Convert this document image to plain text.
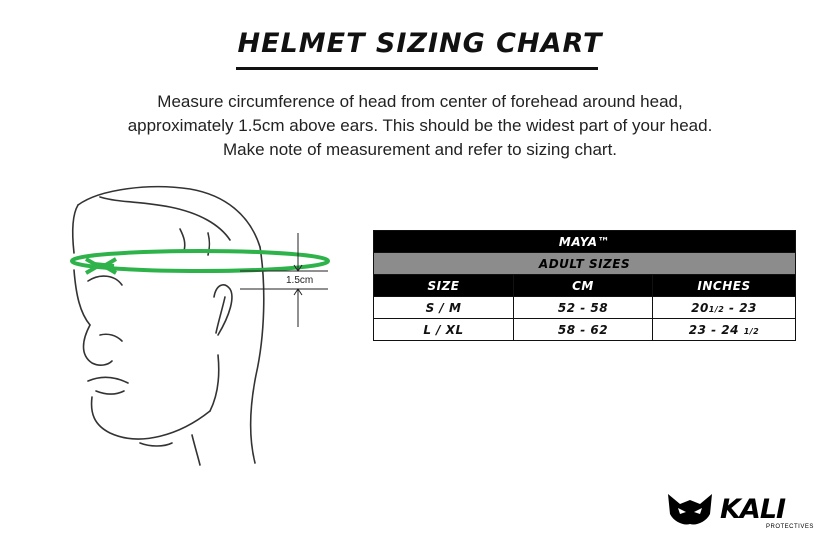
HELMET SIZING CHART

Measure circumference of head from center of forehead around head, approximately 1.5cm above ears. This should be the widest part of your head. Make note of measurement and refer to sizing chart.

1.5cm
MAYA™		
ADULT SIZES		
SIZE	CM	INCHES
S / M	52 - 58	201/2 - 23
L / XL	58 - 62	23 - 24 1/2
KALI
PROTECTIVES
